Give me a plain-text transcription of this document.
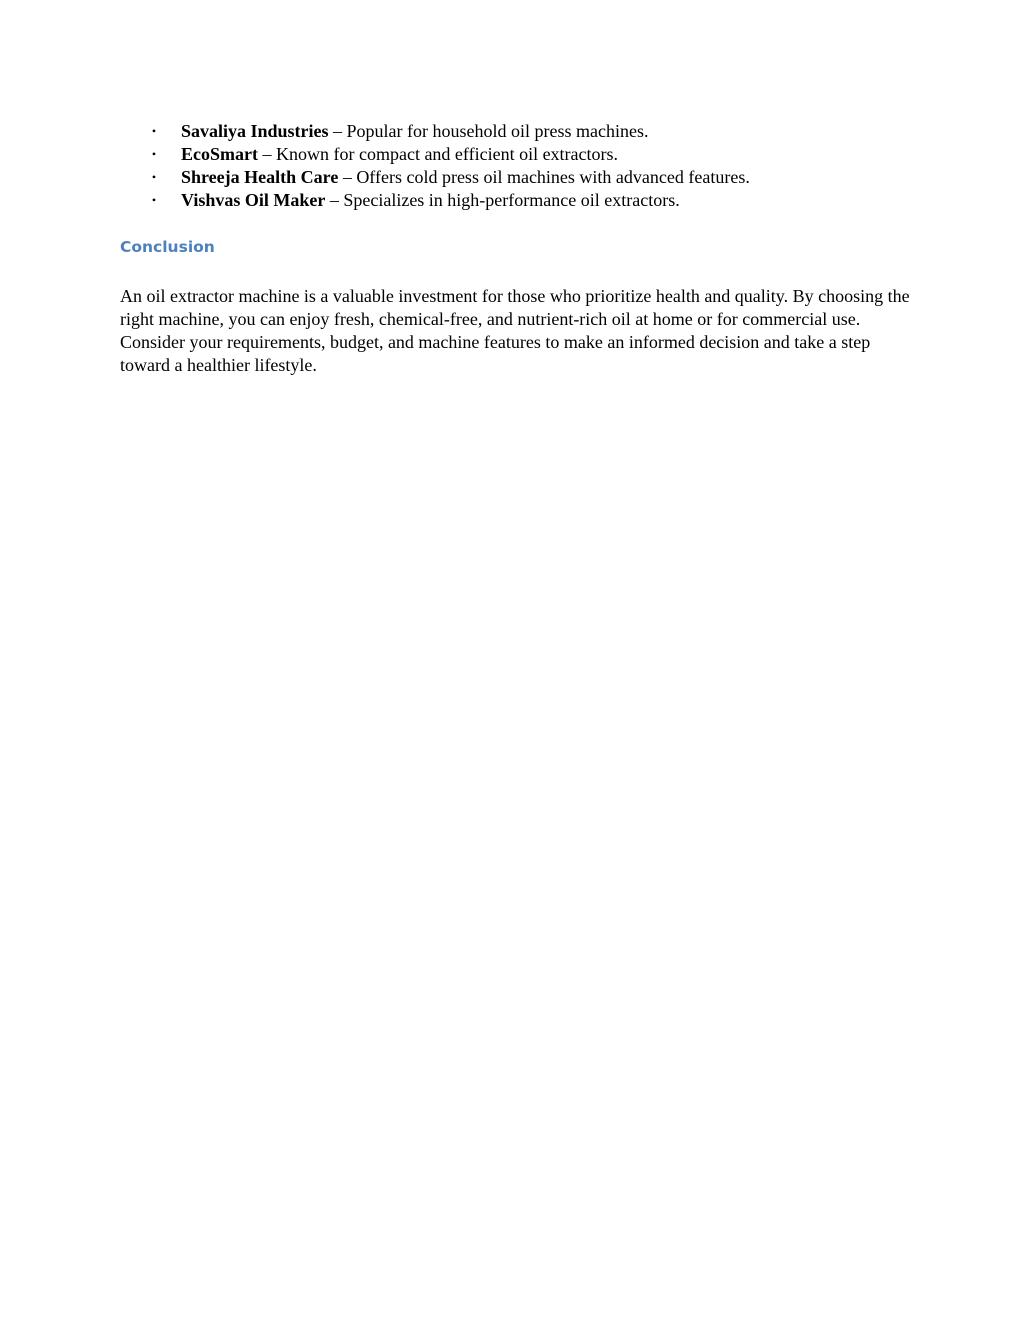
• Savaliya Industries – Popular for household oil press machines.
• EcoSmart – Known for compact and efficient oil extractors.
• Shreeja Health Care – Offers cold press oil machines with advanced features.
• Vishvas Oil Maker – Specializes in high-performance oil extractors.
Conclusion

An oil extractor machine is a valuable investment for those who prioritize health and quality. By choosing the right machine, you can enjoy fresh, chemical-free, and nutrient-rich oil at home or for commercial use. Consider your requirements, budget, and machine features to make an informed decision and take a step toward a healthier lifestyle.
